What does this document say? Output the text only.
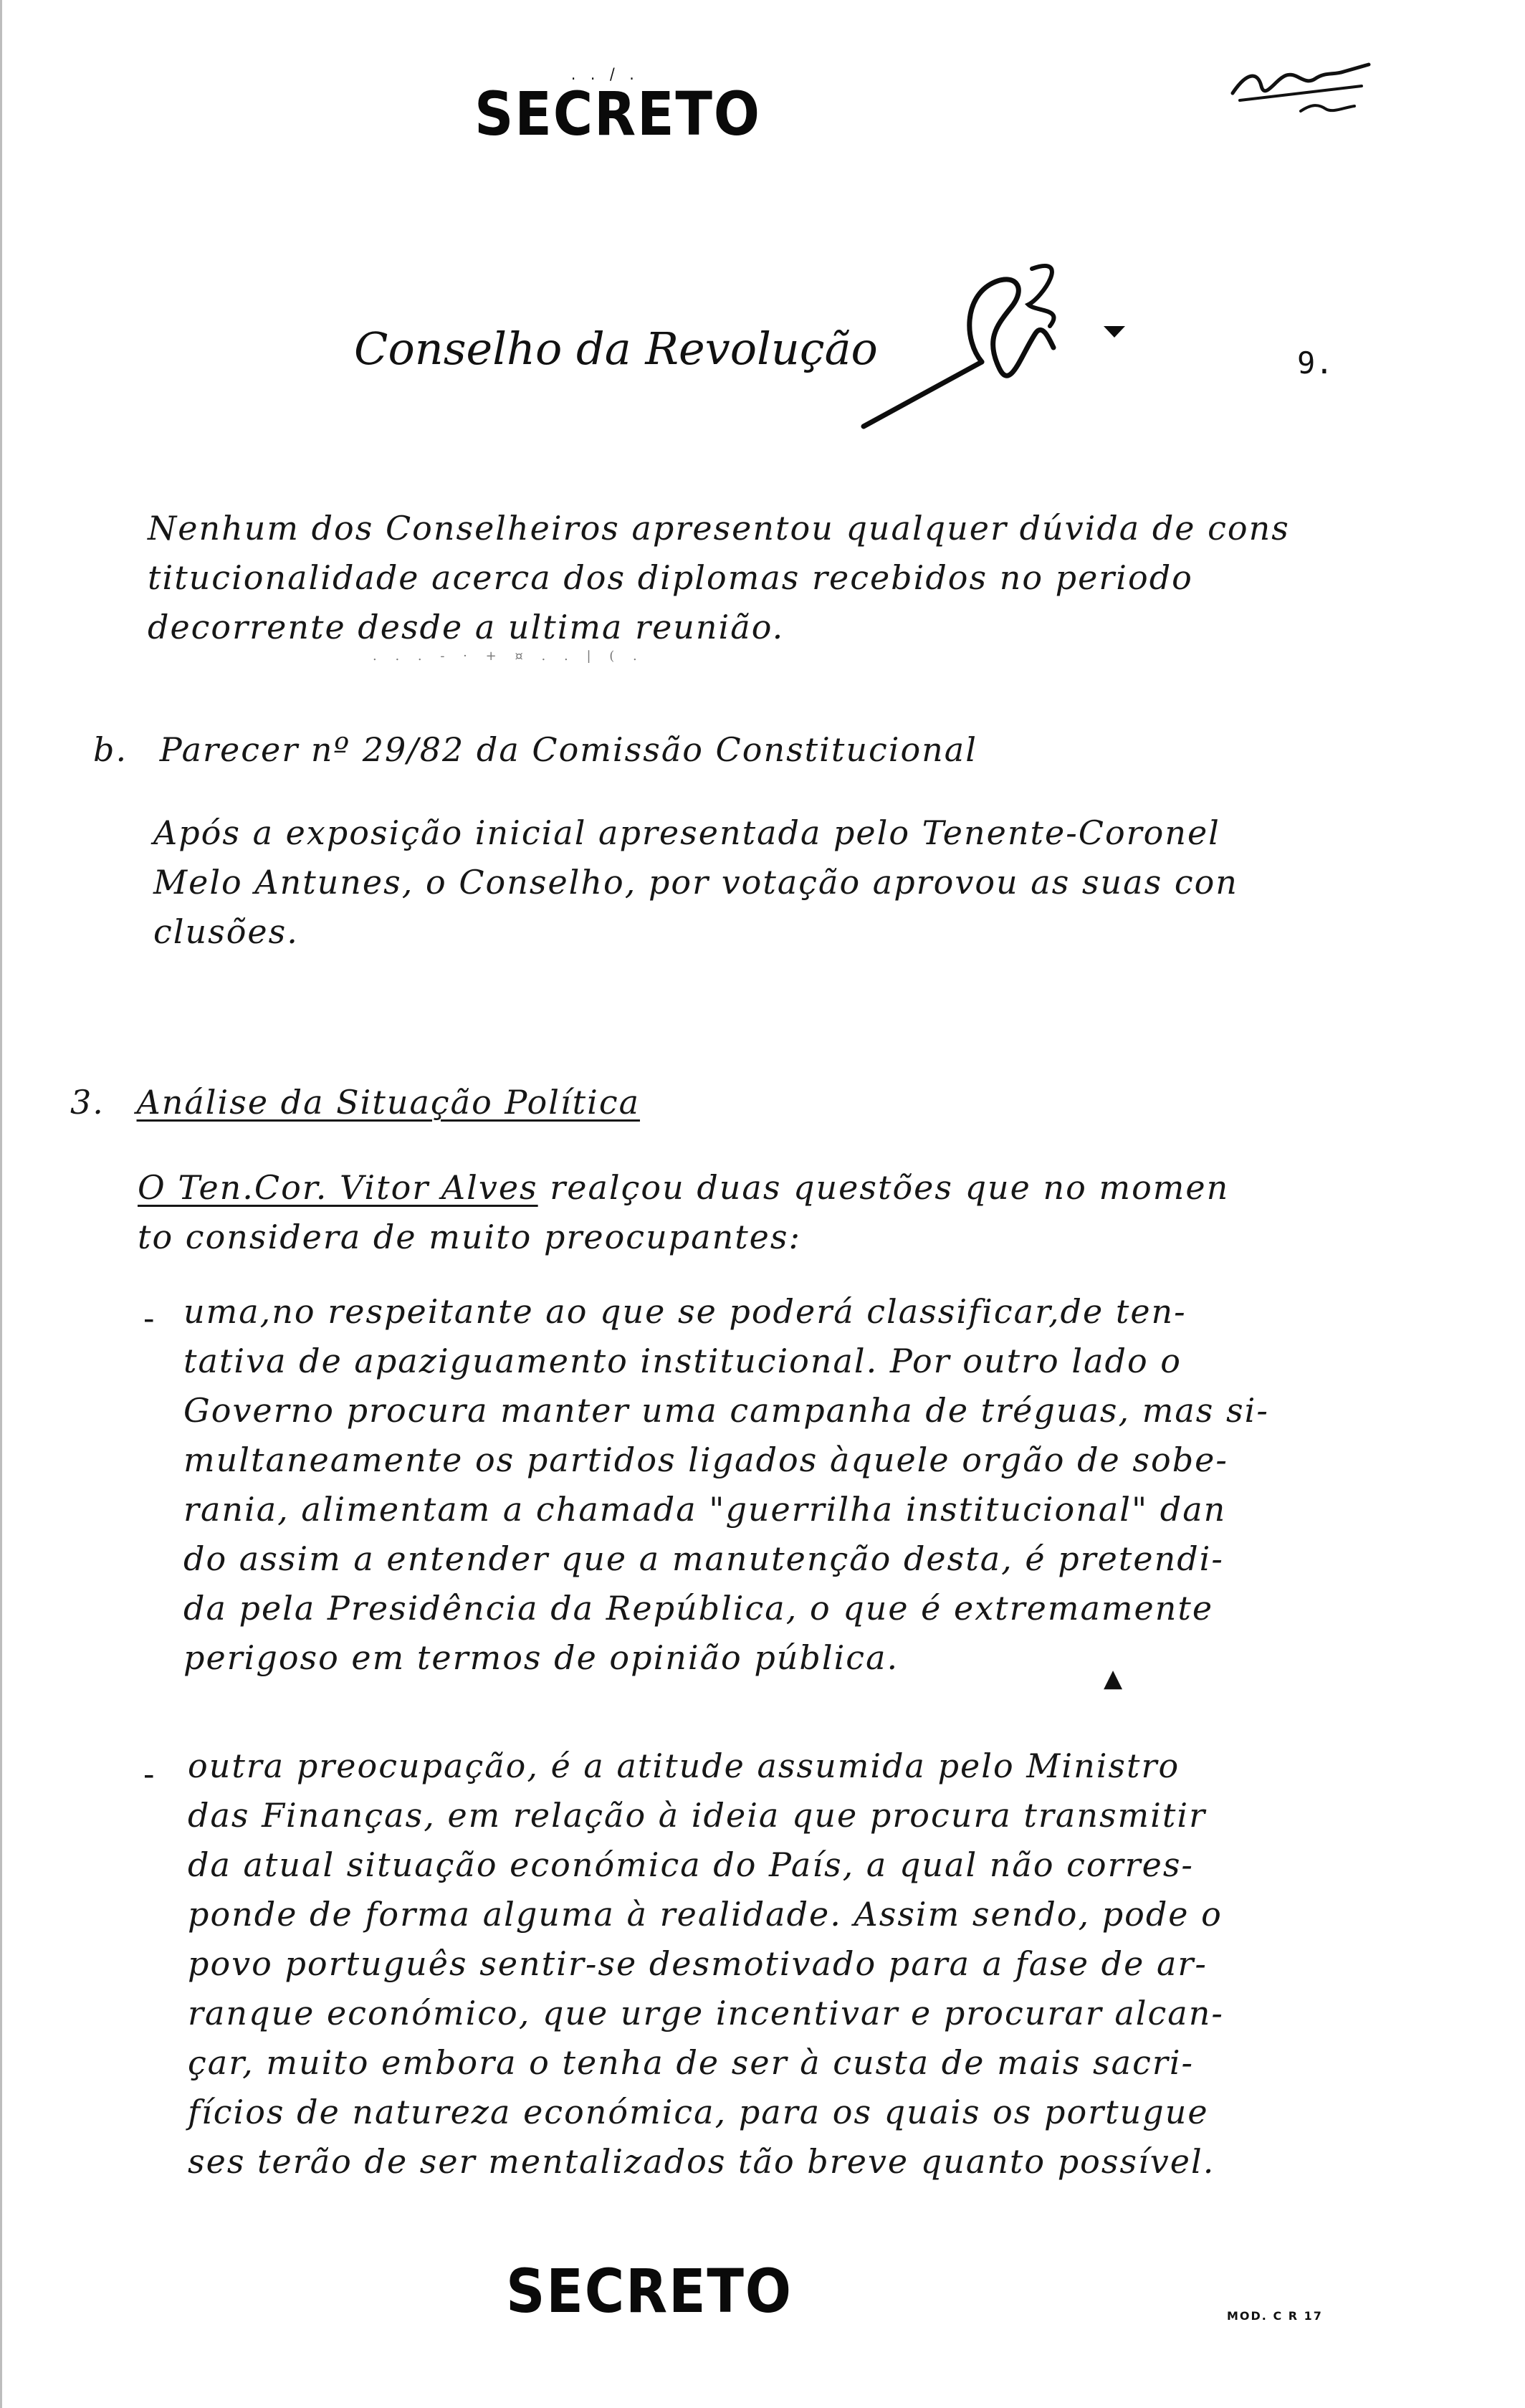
. . / .
SECRETO
Conselho da Revolução	9.
Nenhum dos Conselheiros apresentou qualquer dúvida de cons
titucionalidade acerca dos diplomas recebidos no periodo
decorrente desde a ultima reunião.
. . . - · + ¤ . . | ( .
b. Parecer nº 29/82 da Comissão Constitucional
Após a exposição inicial apresentada pelo Tenente-Coronel
Melo Antunes, o Conselho, por votação aprovou as suas con
clusões.
3. Análise da Situação Política
O Ten.Cor. Vitor Alves realçou duas questões que no momen
to considera de muito preocupantes:
- uma,no respeitante ao que se poderá classificar,de ten-
tativa de apaziguamento institucional. Por outro lado o
Governo procura manter uma campanha de tréguas, mas si-
multaneamente os partidos ligados àquele orgão de sobe-
rania, alimentam a chamada "guerrilha institucional" dan
do assim a entender que a manutenção desta, é pretendi-
da pela Presidência da República, o que é extremamente
perigoso em termos de opinião pública.
▲
- outra preocupação, é a atitude assumida pelo Ministro
das Finanças, em relação à ideia que procura transmitir
da atual situação económica do País, a qual não corres-
ponde de forma alguma à realidade. Assim sendo, pode o
povo português sentir-se desmotivado para a fase de ar-
ranque económico, que urge incentivar e procurar alcan-
çar, muito embora o tenha de ser à custa de mais sacri-
fícios de natureza económica, para os quais os portugue
ses terão de ser mentalizados tão breve quanto possível.
SECRETO	MOD. C R 17
